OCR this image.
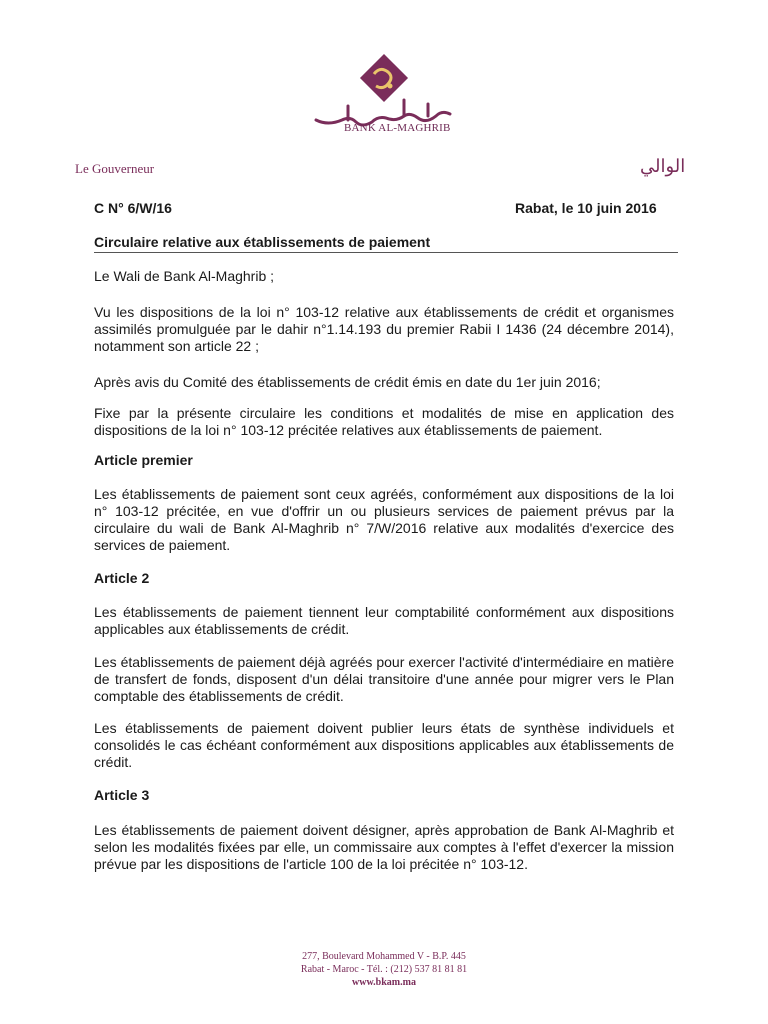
BANK AL-MAGHRIB
Le Gouverneur	الوالي
C N° 6/W/16	Rabat, le 10 juin 2016
Circulaire relative aux établissements de paiement
Le Wali de Bank Al-Maghrib ;
Vu les dispositions de la loi n° 103-12 relative aux établissements de crédit et organismes assimilés promulguée par le dahir n°1.14.193 du premier Rabii I 1436 (24 décembre 2014), notamment son article 22 ;
Après avis du Comité des établissements de crédit émis en date du 1er juin 2016;
Fixe par la présente circulaire les conditions et modalités de mise en application des dispositions de la loi n° 103-12 précitée relatives aux établissements de paiement.
Article premier
Les établissements de paiement sont ceux agréés, conformément aux dispositions de la loi n° 103-12 précitée, en vue d'offrir un ou plusieurs services de paiement prévus par la circulaire du wali de Bank Al-Maghrib n° 7/W/2016 relative aux modalités d'exercice des services de paiement.
Article 2
Les établissements de paiement tiennent leur comptabilité conformément aux dispositions applicables aux établissements de crédit.
Les établissements de paiement déjà agréés pour exercer l'activité d'intermédiaire en matière de transfert de fonds, disposent d'un délai transitoire d'une année pour migrer vers le Plan comptable des établissements de crédit.
Les établissements de paiement doivent publier leurs états de synthèse individuels et consolidés le cas échéant conformément aux dispositions applicables aux établissements de crédit.
Article 3
Les établissements de paiement doivent désigner, après approbation de Bank Al-Maghrib et selon les modalités fixées par elle, un commissaire aux comptes à l'effet d'exercer la mission prévue par les dispositions de l'article 100 de la loi précitée n° 103-12.
277, Boulevard Mohammed V - B.P. 445
Rabat - Maroc - Tél. : (212) 537 81 81 81
www.bkam.ma
